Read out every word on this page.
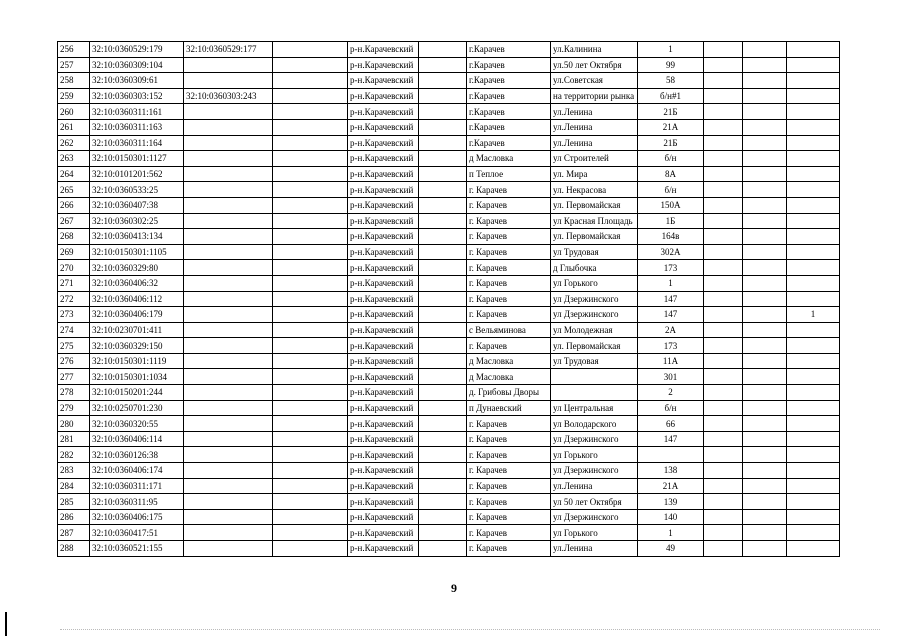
256	32:10:0360529:179	32:10:0360529:177		р-н.Карачевский		г.Карачев	ул.Калинина	1			
257	32:10:0360309:104			р-н.Карачевский		г.Карачев	ул.50 лет Октября	99			
258	32:10:0360309:61			р-н.Карачевский		г.Карачев	ул.Советская	58			
259	32:10:0360303:152	32:10:0360303:243		р-н.Карачевский		г.Карачев	на территории рынка	б/н#1			
260	32:10:0360311:161			р-н.Карачевский		г.Карачев	ул.Ленина	21Б			
261	32:10:0360311:163			р-н.Карачевский		г.Карачев	ул.Ленина	21А			
262	32:10:0360311:164			р-н.Карачевский		г.Карачев	ул.Ленина	21Б			
263	32:10:0150301:1127			р-н.Карачевский		д Масловка	ул Строителей	б/н			
264	32:10:0101201:562			р-н.Карачевский		п Теплое	ул. Мира	8А			
265	32:10:0360533:25			р-н.Карачевский		г. Карачев	ул. Некрасова	б/н			
266	32:10:0360407:38			р-н.Карачевский		г. Карачев	ул. Первомайская	150А			
267	32:10:0360302:25			р-н.Карачевский		г. Карачев	ул Красная Площадь	1Б			
268	32:10:0360413:134			р-н.Карачевский		г. Карачев	ул. Первомайская	164в			
269	32:10:0150301:1105			р-н.Карачевский		г. Карачев	ул Трудовая	302А			
270	32:10:0360329:80			р-н.Карачевский		г. Карачев	д Глыбочка	173			
271	32:10:0360406:32			р-н.Карачевский		г. Карачев	ул Горького	1			
272	32:10:0360406:112			р-н.Карачевский		г. Карачев	ул Дзержинского	147			
273	32:10:0360406:179			р-н.Карачевский		г. Карачев	ул Дзержинского	147			1
274	32:10:0230701:411			р-н.Карачевский		с Вельяминова	ул Молодежная	2А			
275	32:10:0360329:150			р-н.Карачевский		г. Карачев	ул. Первомайская	173			
276	32:10:0150301:1119			р-н.Карачевский		д Масловка	ул Трудовая	11А			
277	32:10:0150301:1034			р-н.Карачевский		д Масловка		301			
278	32:10:0150201:244			р-н.Карачевский		д. Грибовы Дворы		2			
279	32:10:0250701:230			р-н.Карачевский		п Дунаевский	ул Центральная	б/н			
280	32:10:0360320:55			р-н.Карачевский		г. Карачев	ул Володарского	66			
281	32:10:0360406:114			р-н.Карачевский		г. Карачев	ул Дзержинского	147			
282	32:10:0360126:38			р-н.Карачевский		г. Карачев	ул Горького				
283	32:10:0360406:174			р-н.Карачевский		г. Карачев	ул Дзержинского	138			
284	32:10:0360311:171			р-н.Карачевский		г. Карачев	ул.Ленина	21А			
285	32:10:0360311:95			р-н.Карачевский		г. Карачев	ул 50 лет Октября	139			
286	32:10:0360406:175			р-н.Карачевский		г. Карачев	ул Дзержинского	140			
287	32:10:0360417:51			р-н.Карачевский		г. Карачев	ул Горького	1			
288	32:10:0360521:155			р-н.Карачевский		г. Карачев	ул.Ленина	49			
9
